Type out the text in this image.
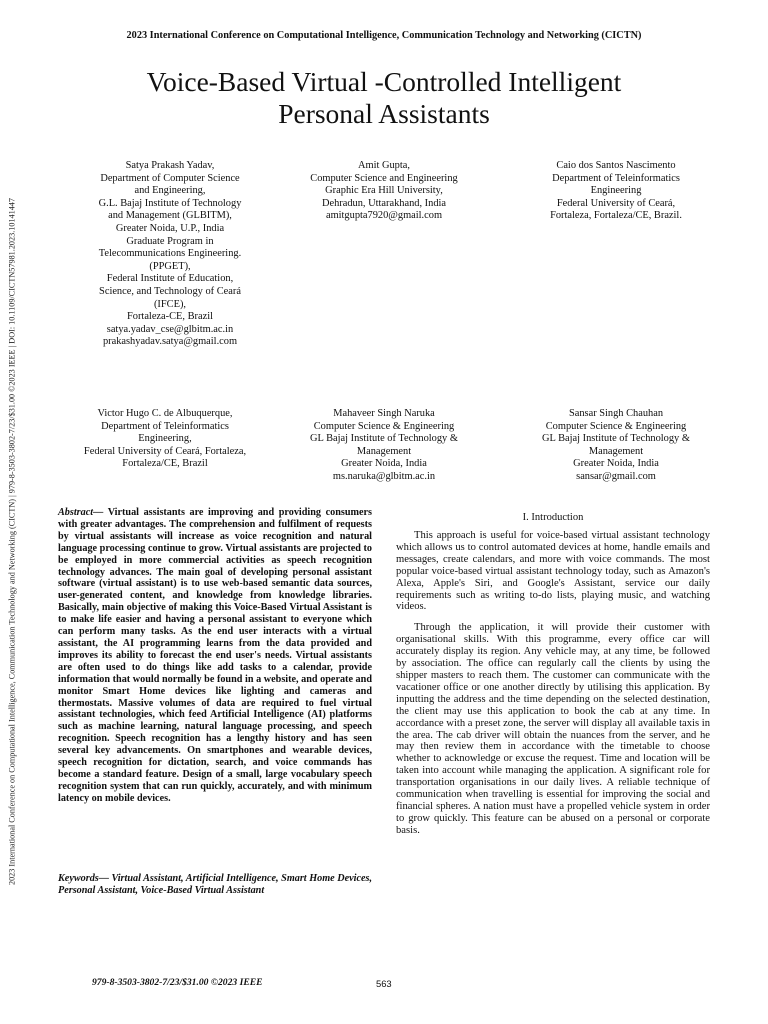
2023 International Conference on Computational Intelligence, Communication Technology and Networking (CICTN)
Voice-Based Virtual -Controlled Intelligent
Personal Assistants
2023 International Conference on Computational Intelligence, Communication Technology and Networking (CICTN) | 979-8-3503-3802-7/23/$31.00 ©2023 IEEE | DOI: 10.1109/CICTN57981.2023.10141447
Satya Prakash Yadav,
Department of Computer Science
and Engineering,
G.L. Bajaj Institute of Technology
and Management (GLBITM),
Greater Noida, U.P., India
Graduate Program in
Telecommunications Engineering.
(PPGET),
Federal Institute of Education,
Science, and Technology of Ceará
(IFCE),
Fortaleza-CE, Brazil
satya.yadav_cse@glbitm.ac.in
prakashyadav.satya@gmail.com
Amit Gupta,
Computer Science and Engineering
Graphic Era Hill University,
Dehradun, Uttarakhand, India
amitgupta7920@gmail.com
Caio dos Santos Nascimento
Department of Teleinformatics
Engineering
Federal University of Ceará,
Fortaleza, Fortaleza/CE, Brazil.
Victor Hugo C. de Albuquerque,
Department of Teleinformatics
Engineering,
Federal University of Ceará, Fortaleza,
Fortaleza/CE, Brazil
Mahaveer Singh Naruka
Computer Science & Engineering
GL Bajaj Institute of Technology &
Management
Greater Noida, India
ms.naruka@glbitm.ac.in
Sansar Singh Chauhan
Computer Science & Engineering
GL Bajaj Institute of Technology &
Management
Greater Noida, India
sansar@gmail.com
Abstract— Virtual assistants are improving and providing consumers with greater advantages. The comprehension and fulfilment of requests by virtual assistants will increase as voice recognition and natural language processing continue to grow. Virtual assistants are projected to be employed in more commercial activities as speech recognition technology advances. The main goal of developing personal assistant software (virtual assistant) is to use web-based semantic data sources, user-generated content, and knowledge from knowledge libraries. Basically, main objective of making this Voice-Based Virtual Assistant is to make life easier and having a personal assistant to everyone which can perform many tasks. As the end user interacts with a virtual assistant, the AI programming learns from the data provided and improves its ability to forecast the end user's needs. Virtual assistants are often used to do things like add tasks to a calendar, provide information that would normally be found in a website, and operate and monitor Smart Home devices like lighting and cameras and thermostats. Massive volumes of data are required to fuel virtual assistant technologies, which feed Artificial Intelligence (AI) platforms such as machine learning, natural language processing, and speech recognition. Speech recognition has a lengthy history and has seen several key advancements. On smartphones and wearable devices, speech recognition for dictation, search, and voice commands has become a standard feature. Design of a small, large vocabulary speech recognition system that can run quickly, accurately, and with minimum latency on mobile devices.
Keywords— Virtual Assistant, Artificial Intelligence, Smart Home Devices, Personal Assistant, Voice-Based Virtual Assistant
I. Introduction

This approach is useful for voice-based virtual assistant technology which allows us to control automated devices at home, handle emails and messages, create calendars, and more with voice commands. The most popular voice-based virtual assistant technology today, such as Amazon's Alexa, Apple's Siri, and Google's Assistant, service our daily requirements such as writing to-do lists, playing music, and watching videos.

Through the application, it will provide their customer with organisational skills. With this programme, every office car will accurately display its region. Any vehicle may, at any time, be followed by association. The office can regularly call the clients by using the shipper masters to reach them. The customer can communicate with the vacationer office or one another directly by utilising this application. By inputting the address and the time depending on the selected destination, the client may use this application to book the cab at any time. In accordance with a preset zone, the server will display all available taxis in the area. The cab driver will obtain the nuances from the server, and he may then review them in accordance with the timetable to choose whether to acknowledge or excuse the request. Time and location will be taken into account while managing the application. A significant role for transportation organisations in our daily lives. A reliable technique of communication when travelling is essential for improving the social and financial spheres. A nation must have a propelled vehicle system in order to grow quickly. This feature can be abused on a personal or corporate basis.

979-8-3503-3802-7/23/$31.00 ©2023 IEEE	563
